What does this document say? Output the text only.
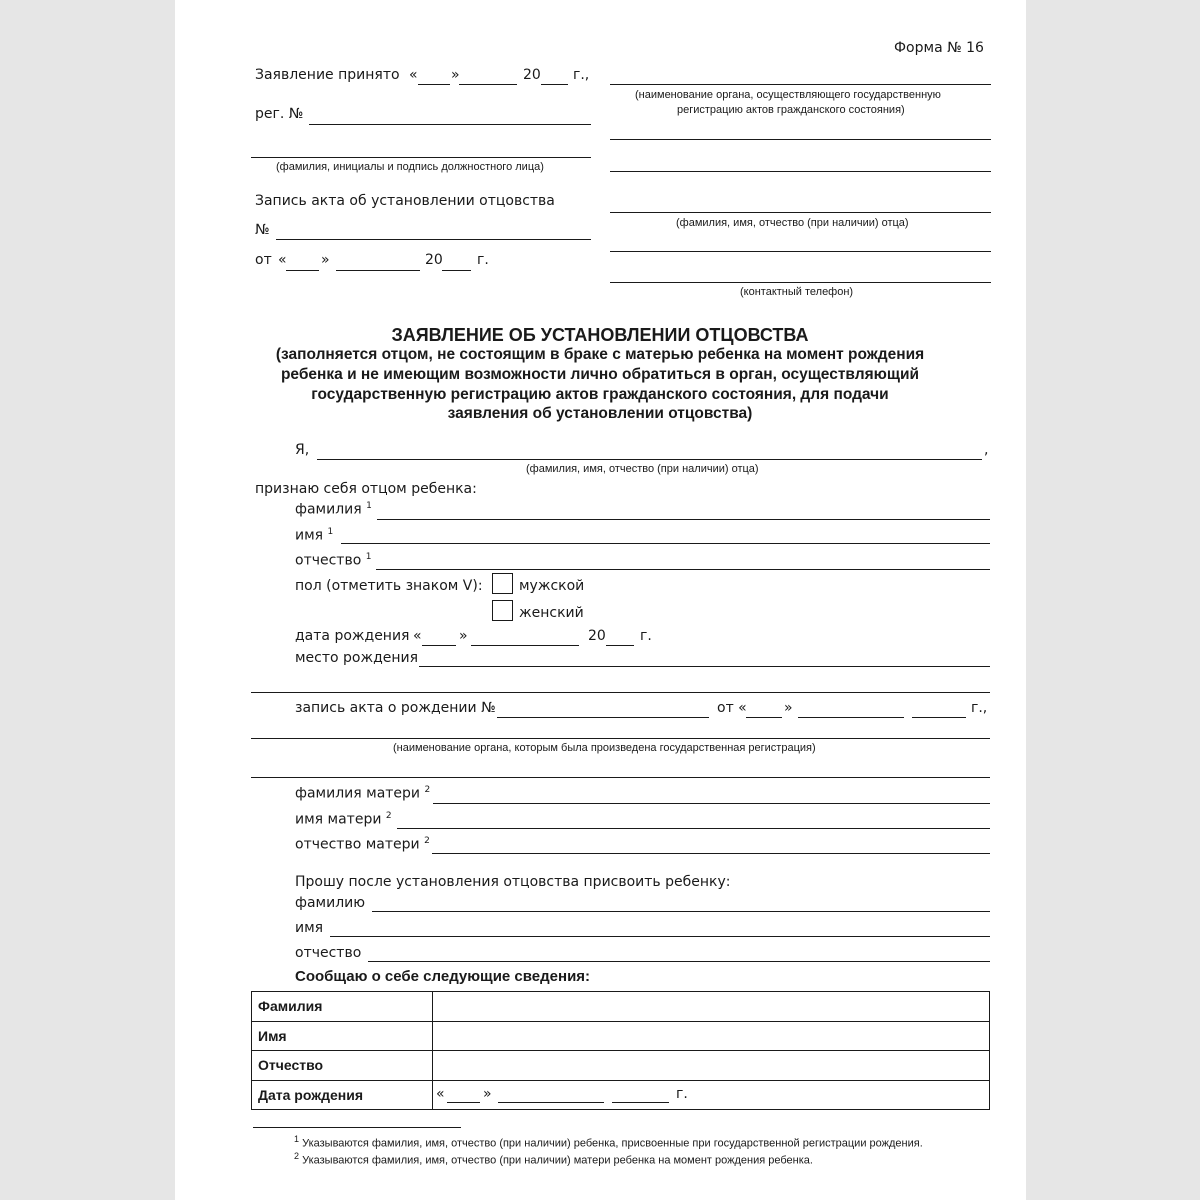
Форма № 16
Заявление принято « »	20 г.,
рег. №
(фамилия, инициалы и подпись должностного лица)
Запись акта об установлении отцовства
№
от « »	20 г.
(наименование органа, осуществляющего государственную
регистрацию актов гражданского состояния)
(фамилия, имя, отчество (при наличии) отца)
(контактный телефон)
ЗАЯВЛЕНИЕ ОБ УСТАНОВЛЕНИИ ОТЦОВСТВА
(заполняется отцом, не состоящим в браке с матерью ребенка на момент рождения
ребенка и не имеющим возможности лично обратиться в орган, осуществляющий
государственную регистрацию актов гражданского состояния, для подачи
заявления об установлении отцовства)
Я,	,
(фамилия, имя, отчество (при наличии) отца)
признаю себя отцом ребенка:
фамилия $^1$
имя $^1$
отчество $^1$
пол (отметить знаком V):	мужской
женский
дата рождения «	»	20 г.
место рождения
запись акта о рождении №	от «	»	г.,
(наименование органа, которым была произведена государственная регистрация)
фамилия матери $^2$
имя матери $^2$
отчество матери $^2$
Прошу после установления отцовства присвоить ребенку:
фамилию
имя
отчество
Сообщаю о себе следующие сведения:
Фамилия	
Имя	
Отчество	
Дата рождения	« » г.
$^1$ Указываются фамилия, имя, отчество (при наличии) ребенка, присвоенные при государственной регистрации рождения.
$^2$ Указываются фамилия, имя, отчество (при наличии) матери ребенка на момент рождения ребенка.
